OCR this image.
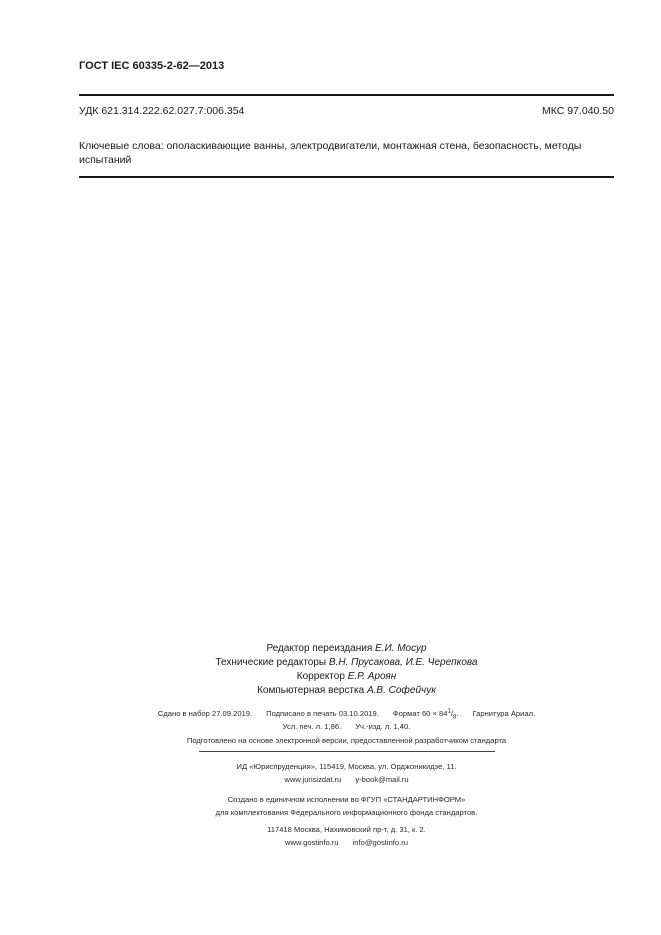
ГОСТ IEC 60335-2-62—2013
УДК 621.314.222.62.027.7:006.354	МКС 97.040.50
Ключевые слова: ополаскивающие ванны, электродвигатели, монтажная стена, безопасность, методы испытаний
Редактор переиздания Е.И. Мосур
Технические редакторы В.Н. Прусакова, И.Е. Черепкова
Корректор Е.Р. Ароян
Компьютерная верстка А.В. Софейчук
Сдано в набор 27.09.2019. Подписано в печать 03.10.2019. Формат $60 \times 84^1/_8$. Гарнитура Ариал.
Усл. печ. л. 1,86. Уч.-изд. л. 1,40.
Подготовлено на основе электронной версии, предоставленной разработчиком стандарта
ИД «Юриспруденция», 115419, Москва, ул. Орджоникидзе, 11.
www.jurisizdat.ru y-book@mail.ru
Создано в единичном исполнении во ФГУП «СТАНДАРТИНФОРМ»
для комплектования Федерального информационного фонда стандартов.
117418 Москва, Нахимовский пр-т, д. 31, к. 2.
www.gostinfo.ru info@gostinfo.ru
